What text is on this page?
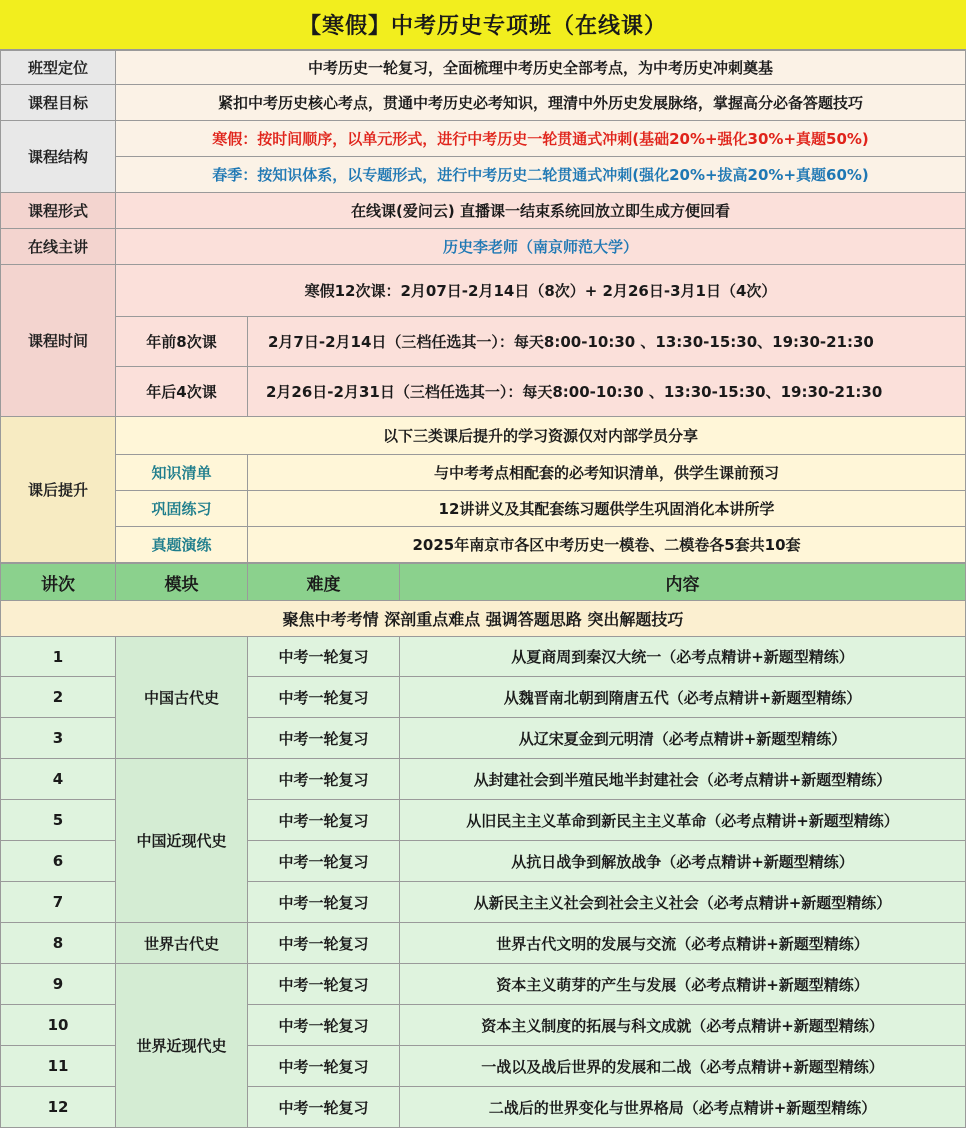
【寒假】中考历史专项班（在线课）
班型定位	中考历史一轮复习，全面梳理中考历史全部考点，为中考历史冲刺奠基	
课程目标	紧扣中考历史核心考点，贯通中考历史必考知识，理清中外历史发展脉络，掌握高分必备答题技巧	
课程结构	寒假：按时间顺序，以单元形式，进行中考历史一轮贯通式冲刺(基础20%+强化30%+真题50%)	
	春季：按知识体系，以专题形式，进行中考历史二轮贯通式冲刺(强化20%+拔高20%+真题60%)	
课程形式	在线课(爱问云) 直播课一结束系统回放立即生成方便回看	
在线主讲	历史李老师（南京师范大学）	
课程时间	寒假12次课：2月07日-2月14日（8次）+ 2月26日-3月1日（4次）	
	年前8次课	2月7日-2月14日（三档任选其一）：每天8:00-10:30 、13:30-15:30、19:30-21:30
	年后4次课	2月26日-2月31日（三档任选其一）：每天8:00-10:30 、13:30-15:30、19:30-21:30
课后提升	以下三类课后提升的学习资源仅对内部学员分享	
	知识清单	与中考考点相配套的必考知识清单，供学生课前预习
	巩固练习	12讲讲义及其配套练习题供学生巩固消化本讲所学
	真题演练	2025年南京市各区中考历史一模卷、二模卷各5套共10套
讲次	模块	难度	内容
聚焦中考考情 深剖重点难点 强调答题思路 突出解题技巧			
1	中国古代史	中考一轮复习	从夏商周到秦汉大统一（必考点精讲+新题型精练）
2		中考一轮复习	从魏晋南北朝到隋唐五代（必考点精讲+新题型精练）
3		中考一轮复习	从辽宋夏金到元明清（必考点精讲+新题型精练）
4	中国近现代史	中考一轮复习	从封建社会到半殖民地半封建社会（必考点精讲+新题型精练）
5		中考一轮复习	从旧民主主义革命到新民主主义革命（必考点精讲+新题型精练）
6		中考一轮复习	从抗日战争到解放战争（必考点精讲+新题型精练）
7		中考一轮复习	从新民主主义社会到社会主义社会（必考点精讲+新题型精练）
8	世界古代史	中考一轮复习	世界古代文明的发展与交流（必考点精讲+新题型精练）
9	世界近现代史	中考一轮复习	资本主义萌芽的产生与发展（必考点精讲+新题型精练）
10		中考一轮复习	资本主义制度的拓展与科文成就（必考点精讲+新题型精练）
11		中考一轮复习	一战以及战后世界的发展和二战（必考点精讲+新题型精练）
12		中考一轮复习	二战后的世界变化与世界格局（必考点精讲+新题型精练）
